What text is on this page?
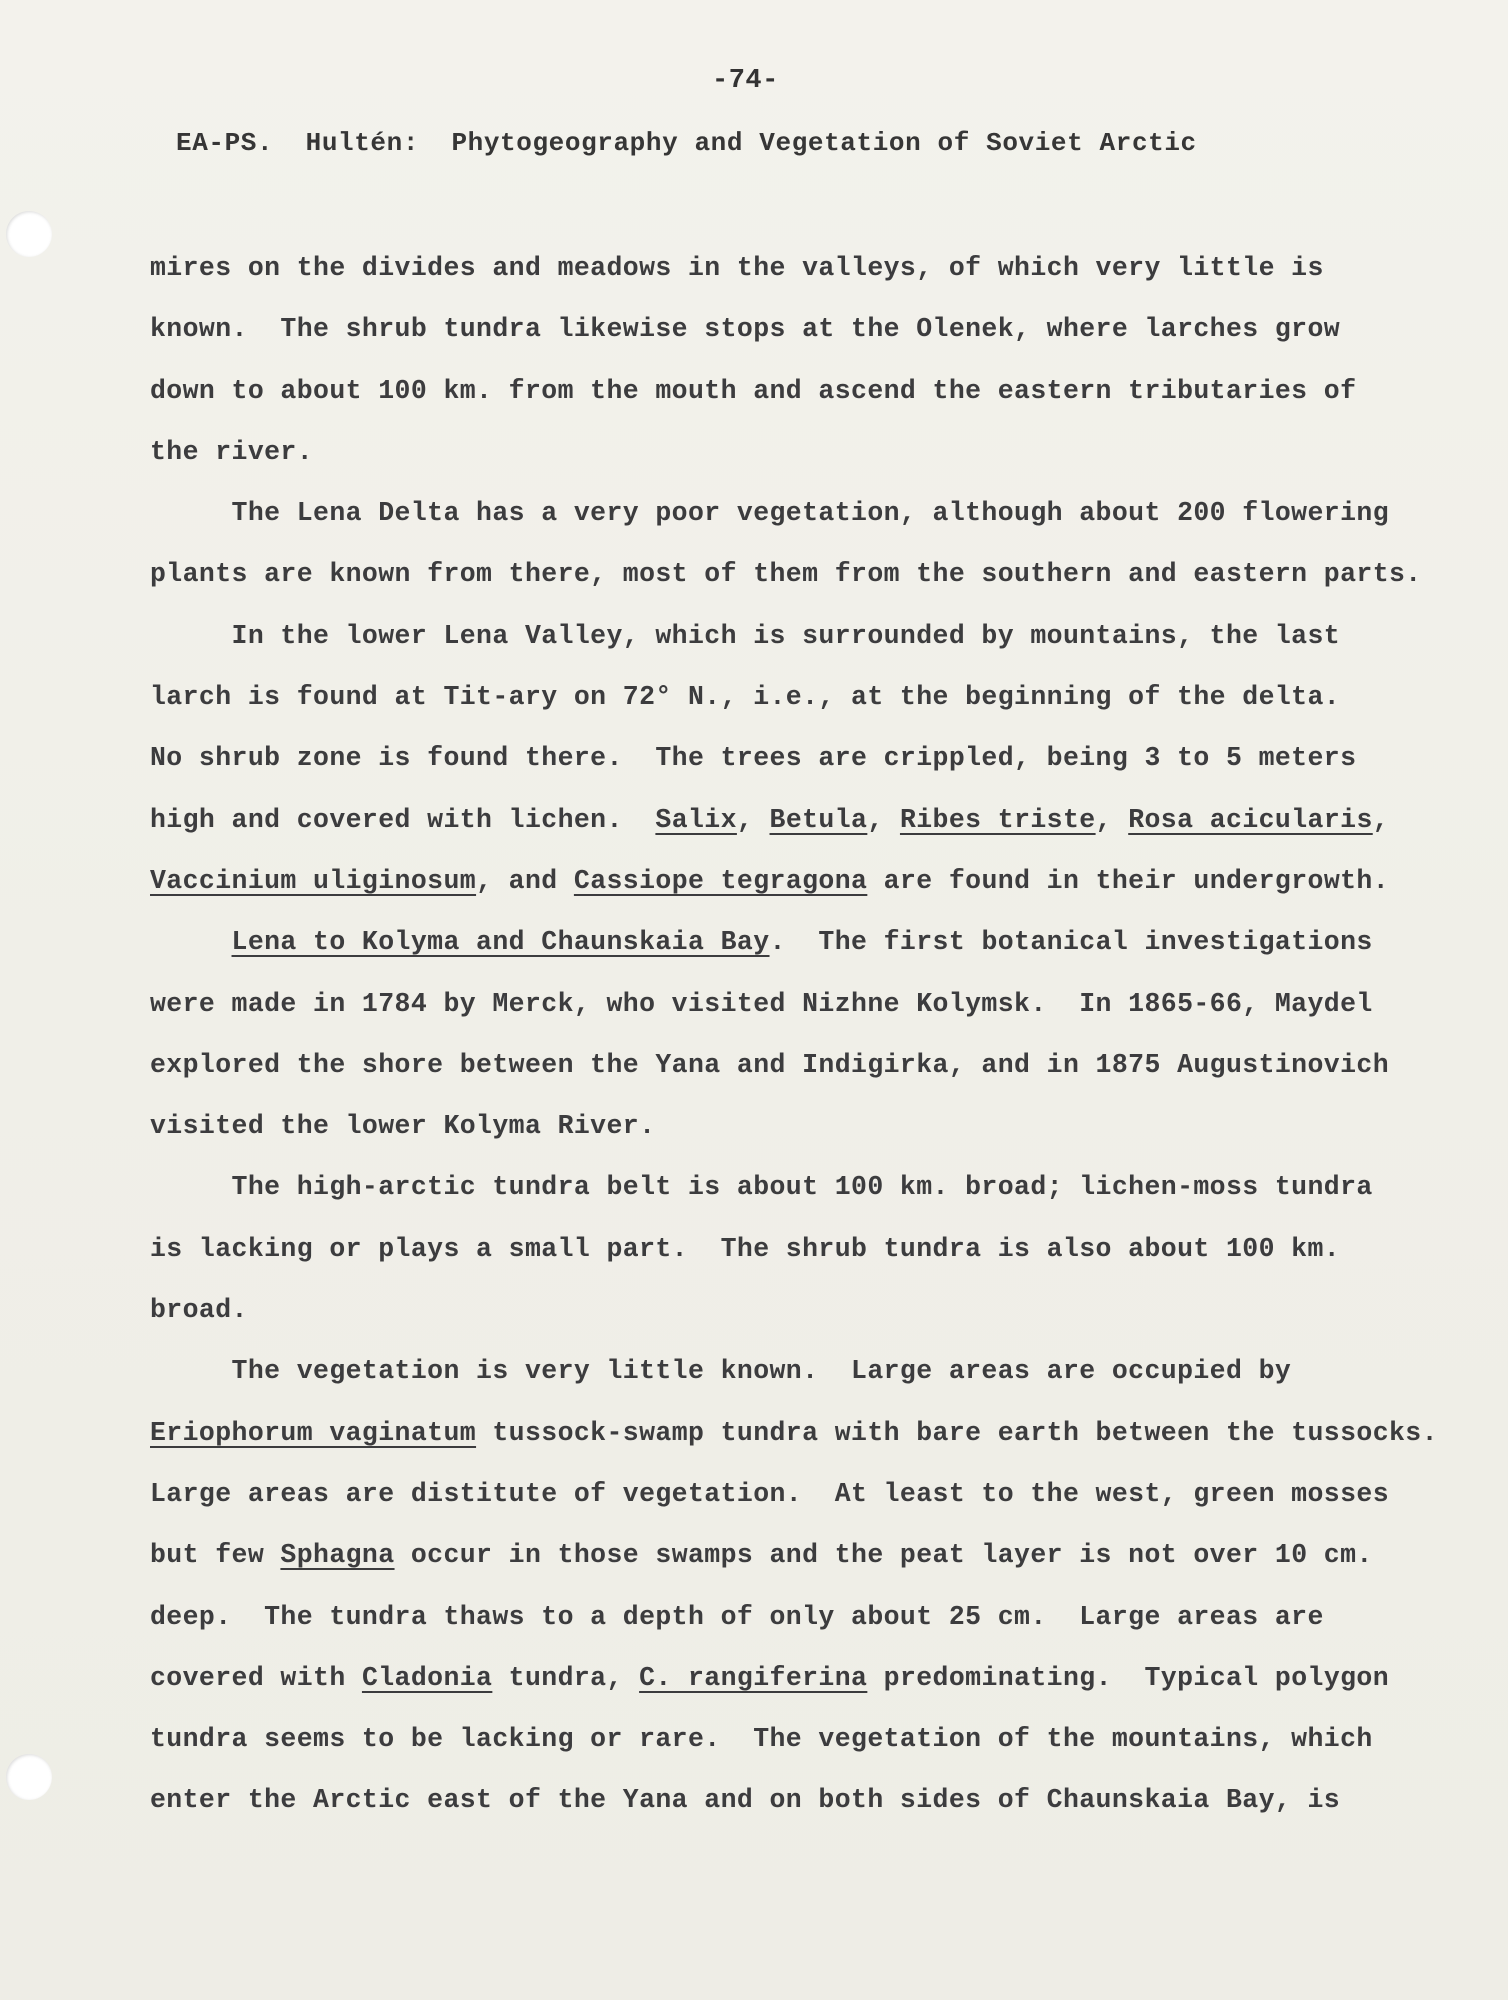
-74-
EA-PS.  Hultén:  Phytogeography and Vegetation of Soviet Arctic
mires on the divides and meadows in the valleys, of which very little is
known.  The shrub tundra likewise stops at the Olenek, where larches grow
down to about 100 km. from the mouth and ascend the eastern tributaries of
the river.
The Lena Delta has a very poor vegetation, although about 200 flowering
plants are known from there, most of them from the southern and eastern parts.
In the lower Lena Valley, which is surrounded by mountains, the last
larch is found at Tit-ary on 72° N., i.e., at the beginning of the delta.
No shrub zone is found there.  The trees are crippled, being 3 to 5 meters
high and covered with lichen.  Salix, Betula, Ribes triste, Rosa acicularis,
Vaccinium uliginosum, and Cassiope tegragona are found in their undergrowth.
Lena to Kolyma and Chaunskaia Bay.  The first botanical investigations
were made in 1784 by Merck, who visited Nizhne Kolymsk.  In 1865-66, Maydel
explored the shore between the Yana and Indigirka, and in 1875 Augustinovich
visited the lower Kolyma River.
The high-arctic tundra belt is about 100 km. broad; lichen-moss tundra
is lacking or plays a small part.  The shrub tundra is also about 100 km.
broad.
The vegetation is very little known.  Large areas are occupied by
Eriophorum vaginatum tussock-swamp tundra with bare earth between the tussocks.
Large areas are distitute of vegetation.  At least to the west, green mosses
but few Sphagna occur in those swamps and the peat layer is not over 10 cm.
deep.  The tundra thaws to a depth of only about 25 cm.  Large areas are
covered with Cladonia tundra, C. rangiferina predominating.  Typical polygon
tundra seems to be lacking or rare.  The vegetation of the mountains, which
enter the Arctic east of the Yana and on both sides of Chaunskaia Bay, is
